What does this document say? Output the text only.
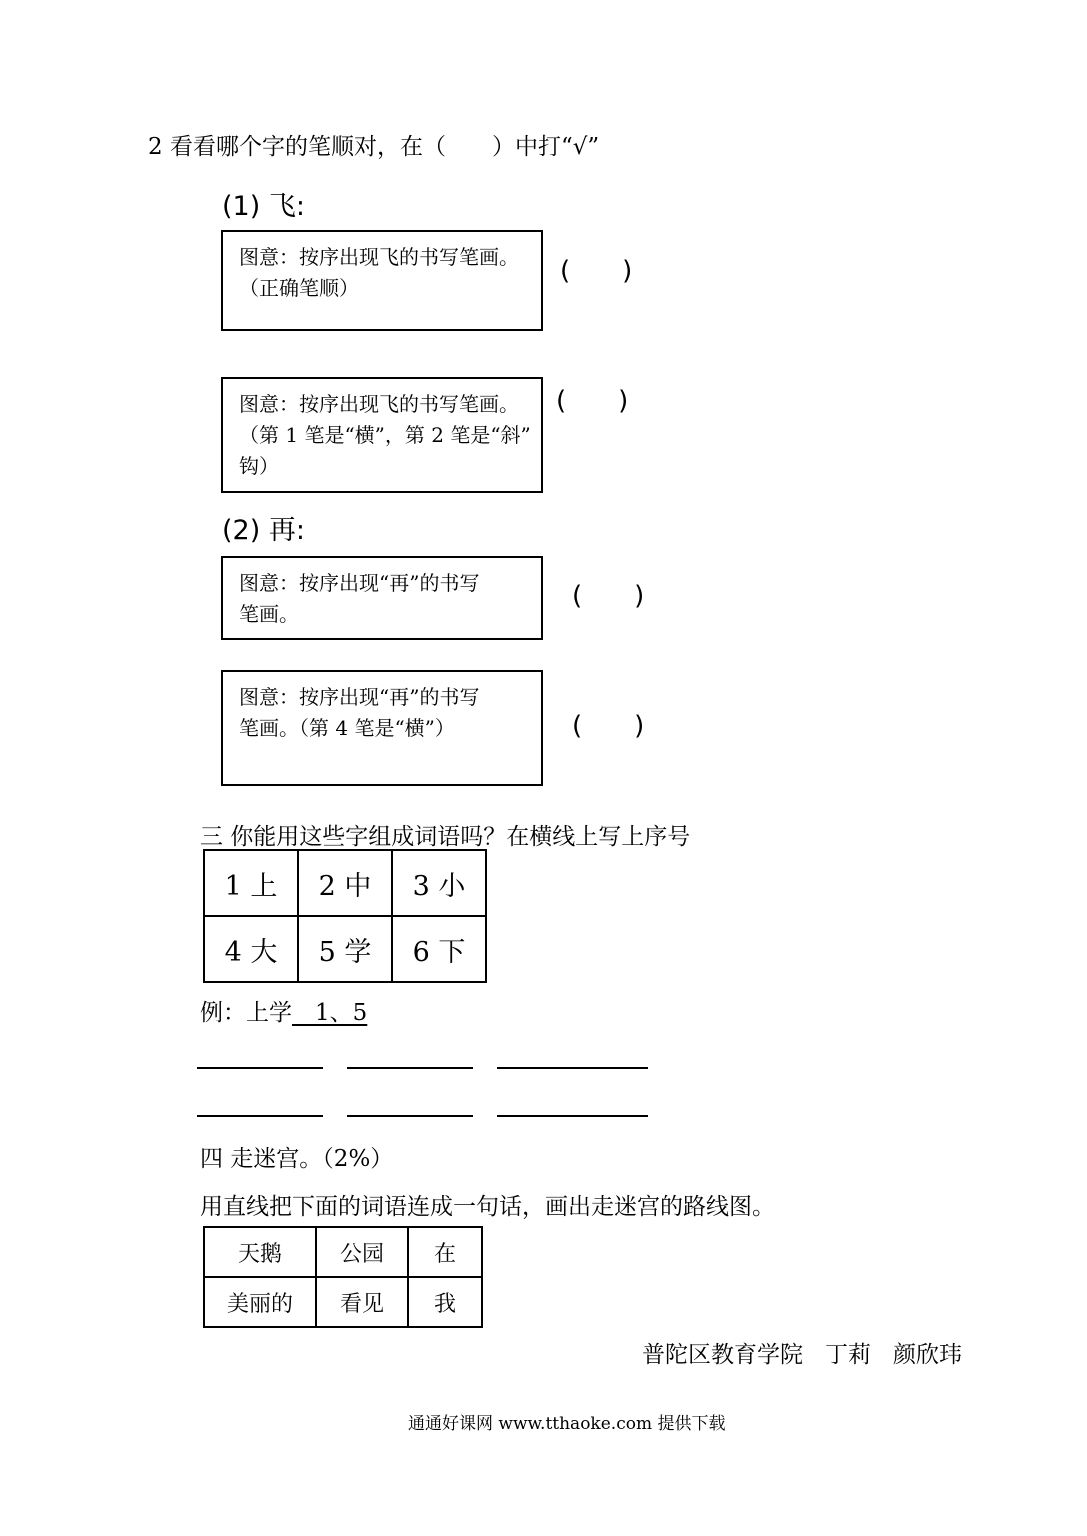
2 看看哪个字的笔顺对，在（　　）中打“√”
(1) 飞:
图意：按序出现飞的书写笔画。
（正确笔顺）
(　　)
图意：按序出现飞的书写笔画。
（第 1 笔是“横”，第 2 笔是“斜”
钩）
(　　)
(2) 再:
图意：按序出现“再”的书写
笔画。
(　　)
图意：按序出现“再”的书写
笔画。（第 4 笔是“横”）	(　　)
三 你能用这些字组成词语吗？在横线上写上序号
1 上	2 中	3 小
4 大	5 学	6 下
例：上学　1、5
四 走迷宫。（2%）
用直线把下面的词语连成一句话，画出走迷宫的路线图。
天鹅	公园	在
美丽的	看见	我
普陀区教育学院 丁莉 颜欣玮
通通好课网 www.tthaoke.com 提供下载
